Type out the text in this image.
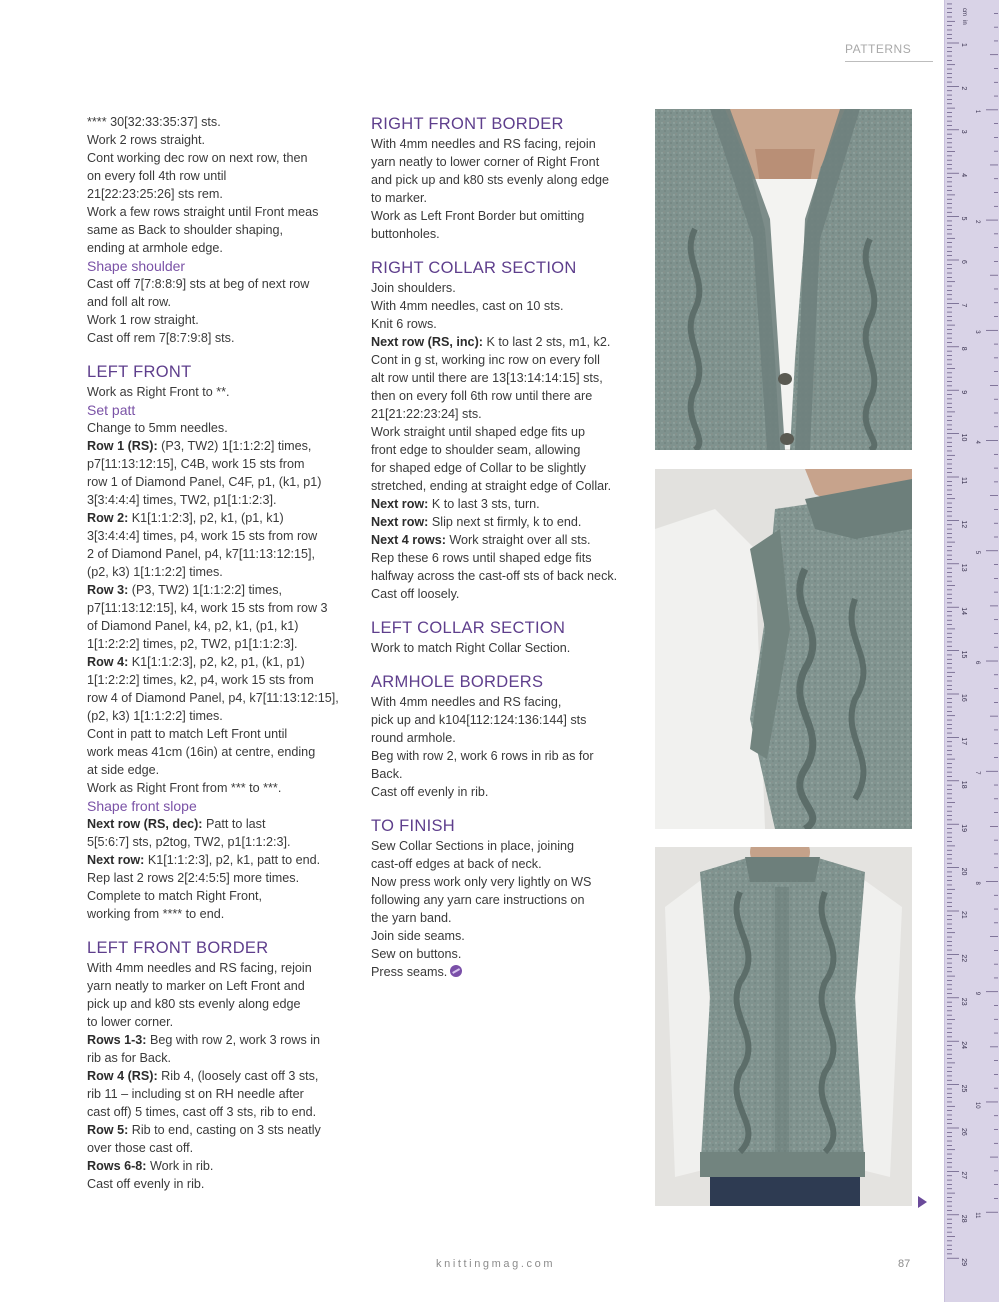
PATTERNS
**** 30[32:33:35:37] sts.
Work 2 rows straight.
Cont working dec row on next row, then
on every foll 4th row until
21[22:23:25:26] sts rem.
Work a few rows straight until Front meas
same as Back to shoulder shaping,
ending at armhole edge.
Shape shoulder
Cast off 7[7:8:8:9] sts at beg of next row
and foll alt row.
Work 1 row straight.
Cast off rem 7[8:7:9:8] sts.
LEFT FRONT
Work as Right Front to **.
Set patt
Change to 5mm needles.
Row 1 (RS): (P3, TW2) 1[1:1:2:2] times,
p7[11:13:12:15], C4B, work 15 sts from
row 1 of Diamond Panel, C4F, p1, (k1, p1)
3[3:4:4:4] times, TW2, p1[1:1:2:3].
Row 2: K1[1:1:2:3], p2, k1, (p1, k1)
3[3:4:4:4] times, p4, work 15 sts from row
2 of Diamond Panel, p4, k7[11:13:12:15],
(p2, k3) 1[1:1:2:2] times.
Row 3: (P3, TW2) 1[1:1:2:2] times,
p7[11:13:12:15], k4, work 15 sts from row 3
of Diamond Panel, k4, p2, k1, (p1, k1)
1[1:2:2:2] times, p2, TW2, p1[1:1:2:3].
Row 4: K1[1:1:2:3], p2, k2, p1, (k1, p1)
1[1:2:2:2] times, k2, p4, work 15 sts from
row 4 of Diamond Panel, p4, k7[11:13:12:15],
(p2, k3) 1[1:1:2:2] times.
Cont in patt to match Left Front until
work meas 41cm (16in) at centre, ending
at side edge.
Work as Right Front from *** to ***.
Shape front slope
Next row (RS, dec): Patt to last
5[5:6:7] sts, p2tog, TW2, p1[1:1:2:3].
Next row: K1[1:1:2:3], p2, k1, patt to end.
Rep last 2 rows 2[2:4:5:5] more times.
Complete to match Right Front,
working from **** to end.
LEFT FRONT BORDER
With 4mm needles and RS facing, rejoin
yarn neatly to marker on Left Front and
pick up and k80 sts evenly along edge
to lower corner.
Rows 1-3: Beg with row 2, work 3 rows in
rib as for Back.
Row 4 (RS): Rib 4, (loosely cast off 3 sts,
rib 11 – including st on RH needle after
cast off) 5 times, cast off 3 sts, rib to end.
Row 5: Rib to end, casting on 3 sts neatly
over those cast off.
Rows 6-8: Work in rib.
Cast off evenly in rib.
RIGHT FRONT BORDER
With 4mm needles and RS facing, rejoin
yarn neatly to lower corner of Right Front
and pick up and k80 sts evenly along edge
to marker.
Work as Left Front Border but omitting
buttonholes.
RIGHT COLLAR SECTION
Join shoulders.
With 4mm needles, cast on 10 sts.
Knit 6 rows.
Next row (RS, inc): K to last 2 sts, m1, k2.
Cont in g st, working inc row on every foll
alt row until there are 13[13:14:14:15] sts,
then on every foll 6th row until there are
21[21:22:23:24] sts.
Work straight until shaped edge fits up
front edge to shoulder seam, allowing
for shaped edge of Collar to be slightly
stretched, ending at straight edge of Collar.
Next row: K to last 3 sts, turn.
Next row: Slip next st firmly, k to end.
Next 4 rows: Work straight over all sts.
Rep these 6 rows until shaped edge fits
halfway across the cast-off sts of back neck.
Cast off loosely.
LEFT COLLAR SECTION
Work to match Right Collar Section.
ARMHOLE BORDERS
With 4mm needles and RS facing,
pick up and k104[112:124:136:144] sts
round armhole.
Beg with row 2, work 6 rows in rib as for
Back.
Cast off evenly in rib.
TO FINISH
Sew Collar Sections in place, joining
cast-off edges at back of neck.
Now press work only very lightly on WS
following any yarn care instructions on
the yarn band.
Join side seams.
Sew on buttons.
Press seams.
1
2
3
4
5
6
7
8
9
10
11
12
13
14
15
16
17
18
19
20
21
22
23
24
25
26
27
28
29
1
2
3
4
5
6
7
8
9
10
11
cm
in
knittingmag.com	87
